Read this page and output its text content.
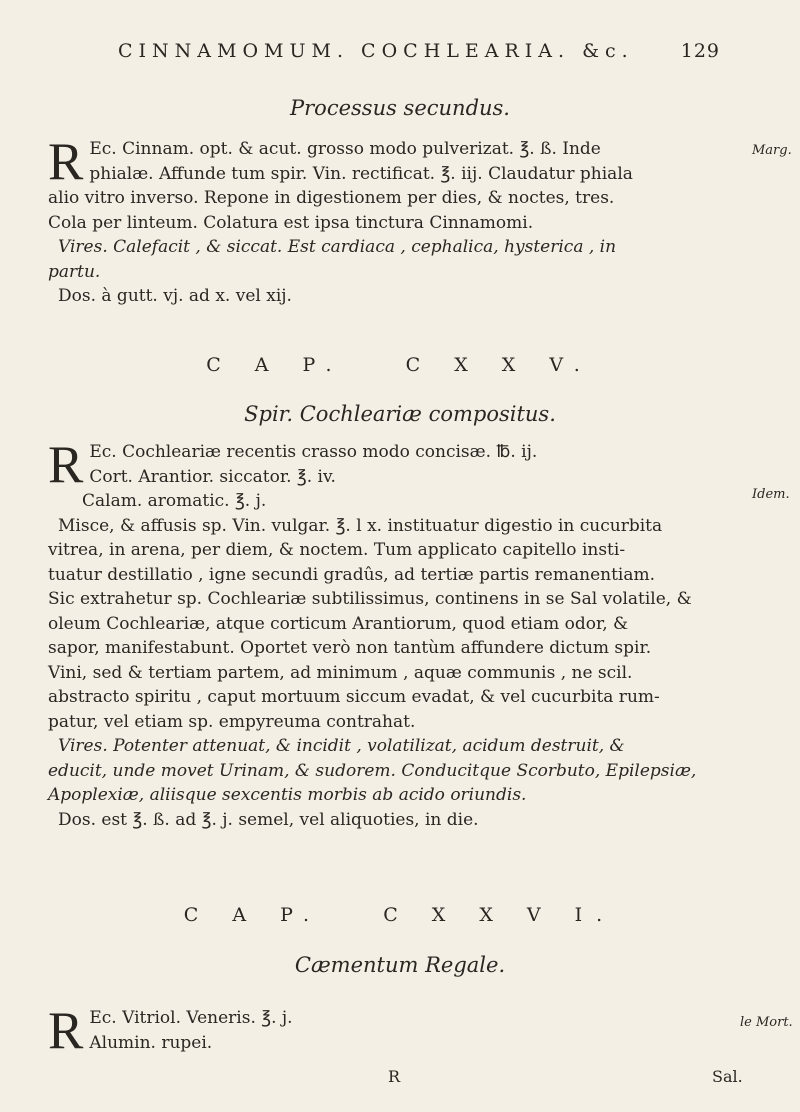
CINNAMOMUM. COCHLEARIA. &c. 129
Processus secundus.
Marg.
R Ec. Cinnam. opt. & acut. grosso modo pulverizat. ℥. ß. Inde
phialæ. Affunde tum spir. Vin. rectificat. ℥. iij. Claudatur phiala
alio vitro inverso. Repone in digestionem per dies, & noctes, tres.
Cola per linteum. Colatura est ipsa tinctura Cinnamomi.
Vires. Calefacit , & siccat. Est cardiaca , cephalica, hysterica , in
partu.
Dos. à gutt. vj. ad x. vel xij.
C A P.   C X X V.
Spir. Cochleariæ compositus.
Idem.
R Ec. Cochleariæ recentis crasso modo concisæ. ℔. ij.
Cort. Arantior. siccator. ℥. iv.
Calam. aromatic. ℥. j.
Misce, & affusis sp. Vin. vulgar. ℥. l x. instituatur digestio in cucurbita
vitrea, in arena, per diem, & noctem. Tum applicato capitello insti-
tuatur destillatio , igne secundi gradûs, ad tertiæ partis remanentiam.
Sic extrahetur sp. Cochleariæ subtilissimus, continens in se Sal volatile, &
oleum Cochleariæ, atque corticum Arantiorum, quod etiam odor, &
sapor, manifestabunt. Oportet verò non tantùm affundere dictum spir.
Vini, sed & tertiam partem, ad minimum , aquæ communis , ne scil.
abstracto spiritu , caput mortuum siccum evadat, & vel cucurbita rum-
patur, vel etiam sp. empyreuma contrahat.
Vires. Potenter attenuat, & incidit , volatilizat, acidum destruit, &
educit, unde movet Urinam, & sudorem. Conducitque Scorbuto, Epilepsiæ,
Apoplexiæ, aliisque sexcentis morbis ab acido oriundis.
Dos. est ℥. ß. ad ℥. j. semel, vel aliquoties, in die.
C A P.   C X X V I.
Cæmentum Regale.
le Mort.
R Ec. Vitriol. Veneris. ℥. j.
Alumin. rupei.
R	Sal.
